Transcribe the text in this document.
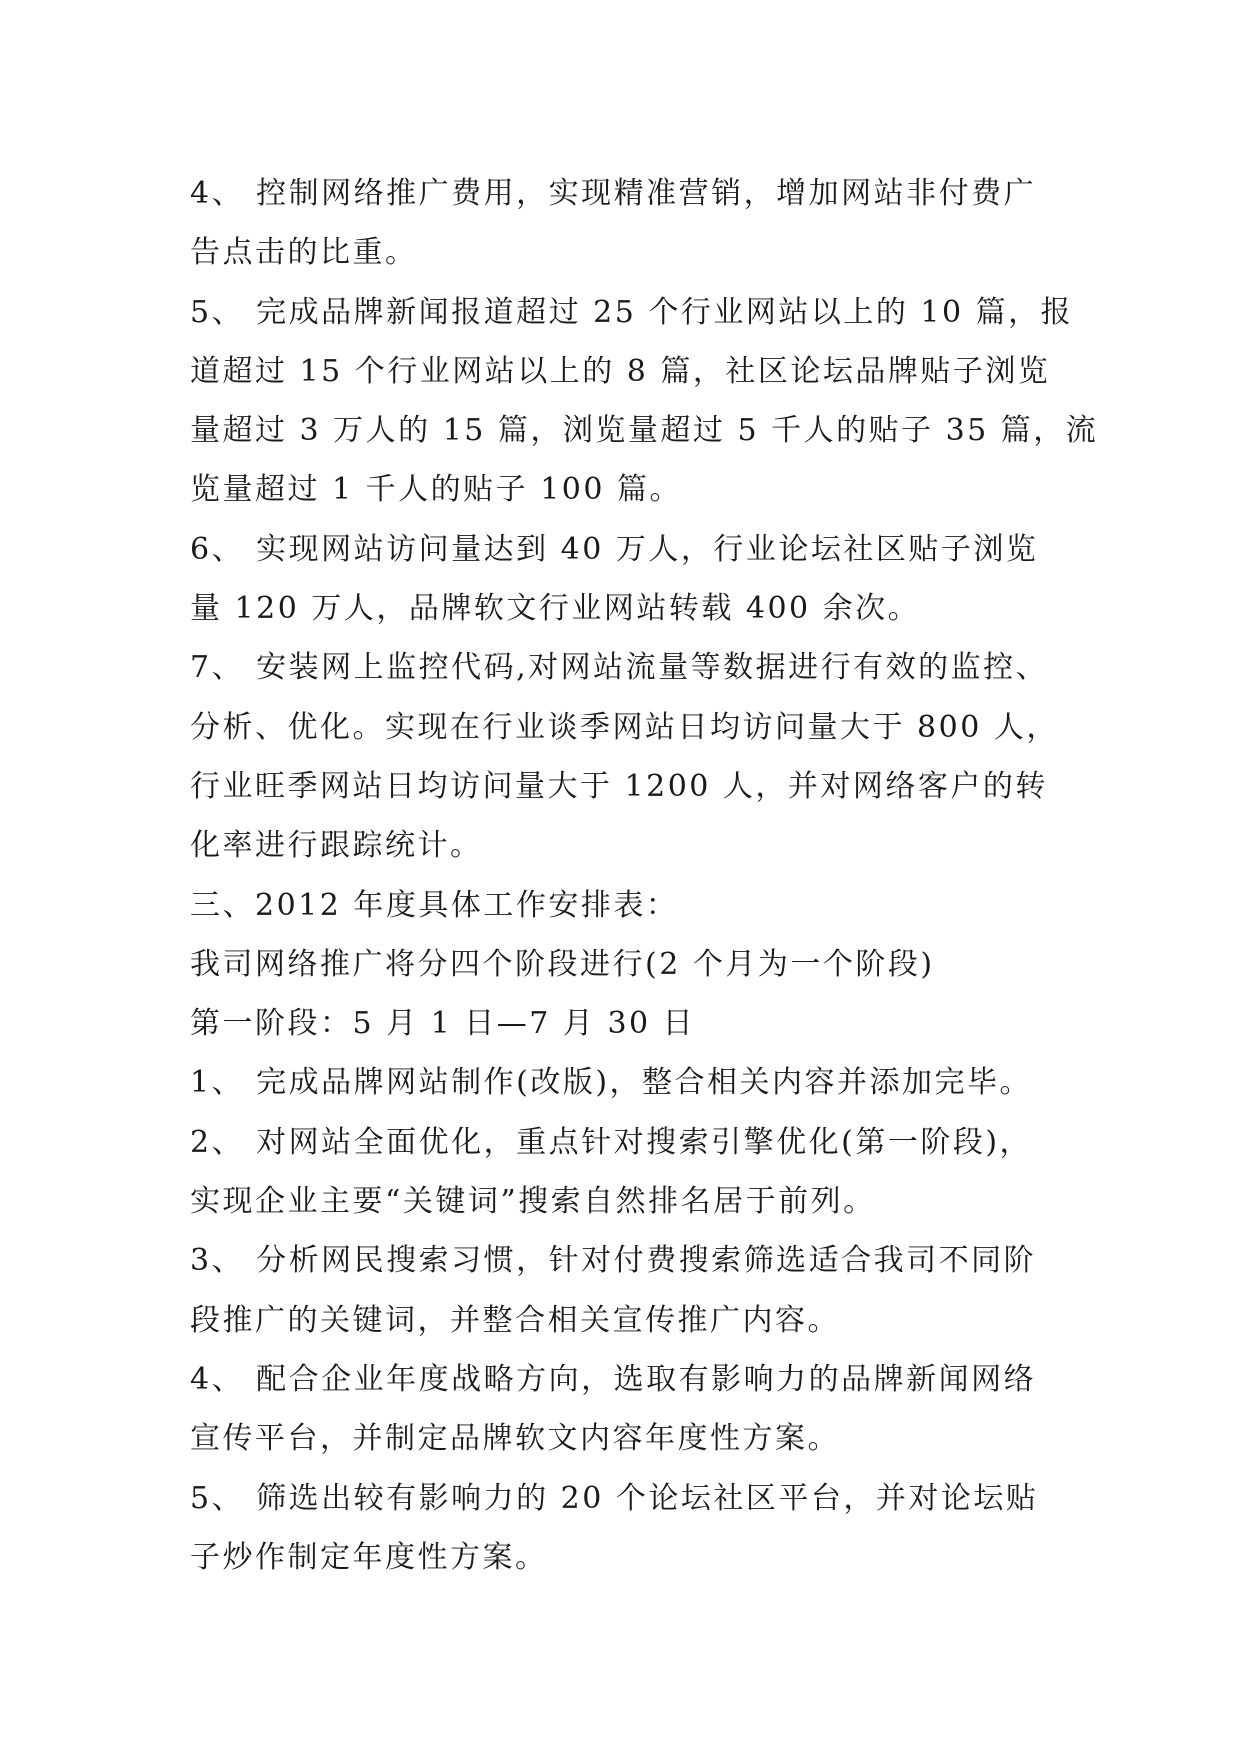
4、 控制网络推广费用，实现精准营销，增加网站非付费广
告点击的比重。
5、 完成品牌新闻报道超过 25 个行业网站以上的 10 篇，报
道超过 15 个行业网站以上的 8 篇，社区论坛品牌贴子浏览
量超过 3 万人的 15 篇，浏览量超过 5 千人的贴子 35 篇，流
览量超过 1 千人的贴子 100 篇。
6、 实现网站访问量达到 40 万人，行业论坛社区贴子浏览
量 120 万人，品牌软文行业网站转载 400 余次。
7、 安装网上监控代码,对网站流量等数据进行有效的监控、
分析、优化。实现在行业谈季网站日均访问量大于 800 人，
行业旺季网站日均访问量大于 1200 人，并对网络客户的转
化率进行跟踪统计。
三、2012 年度具体工作安排表：
我司网络推广将分四个阶段进行(2 个月为一个阶段)
第一阶段：5 月 1 日—7 月 30 日
1、 完成品牌网站制作(改版)，整合相关内容并添加完毕。
2、 对网站全面优化，重点针对搜索引擎优化(第一阶段)，
实现企业主要“关键词”搜索自然排名居于前列。
3、 分析网民搜索习惯，针对付费搜索筛选适合我司不同阶
段推广的关键词，并整合相关宣传推广内容。
4、 配合企业年度战略方向，选取有影响力的品牌新闻网络
宣传平台，并制定品牌软文内容年度性方案。
5、 筛选出较有影响力的 20 个论坛社区平台，并对论坛贴
子炒作制定年度性方案。
